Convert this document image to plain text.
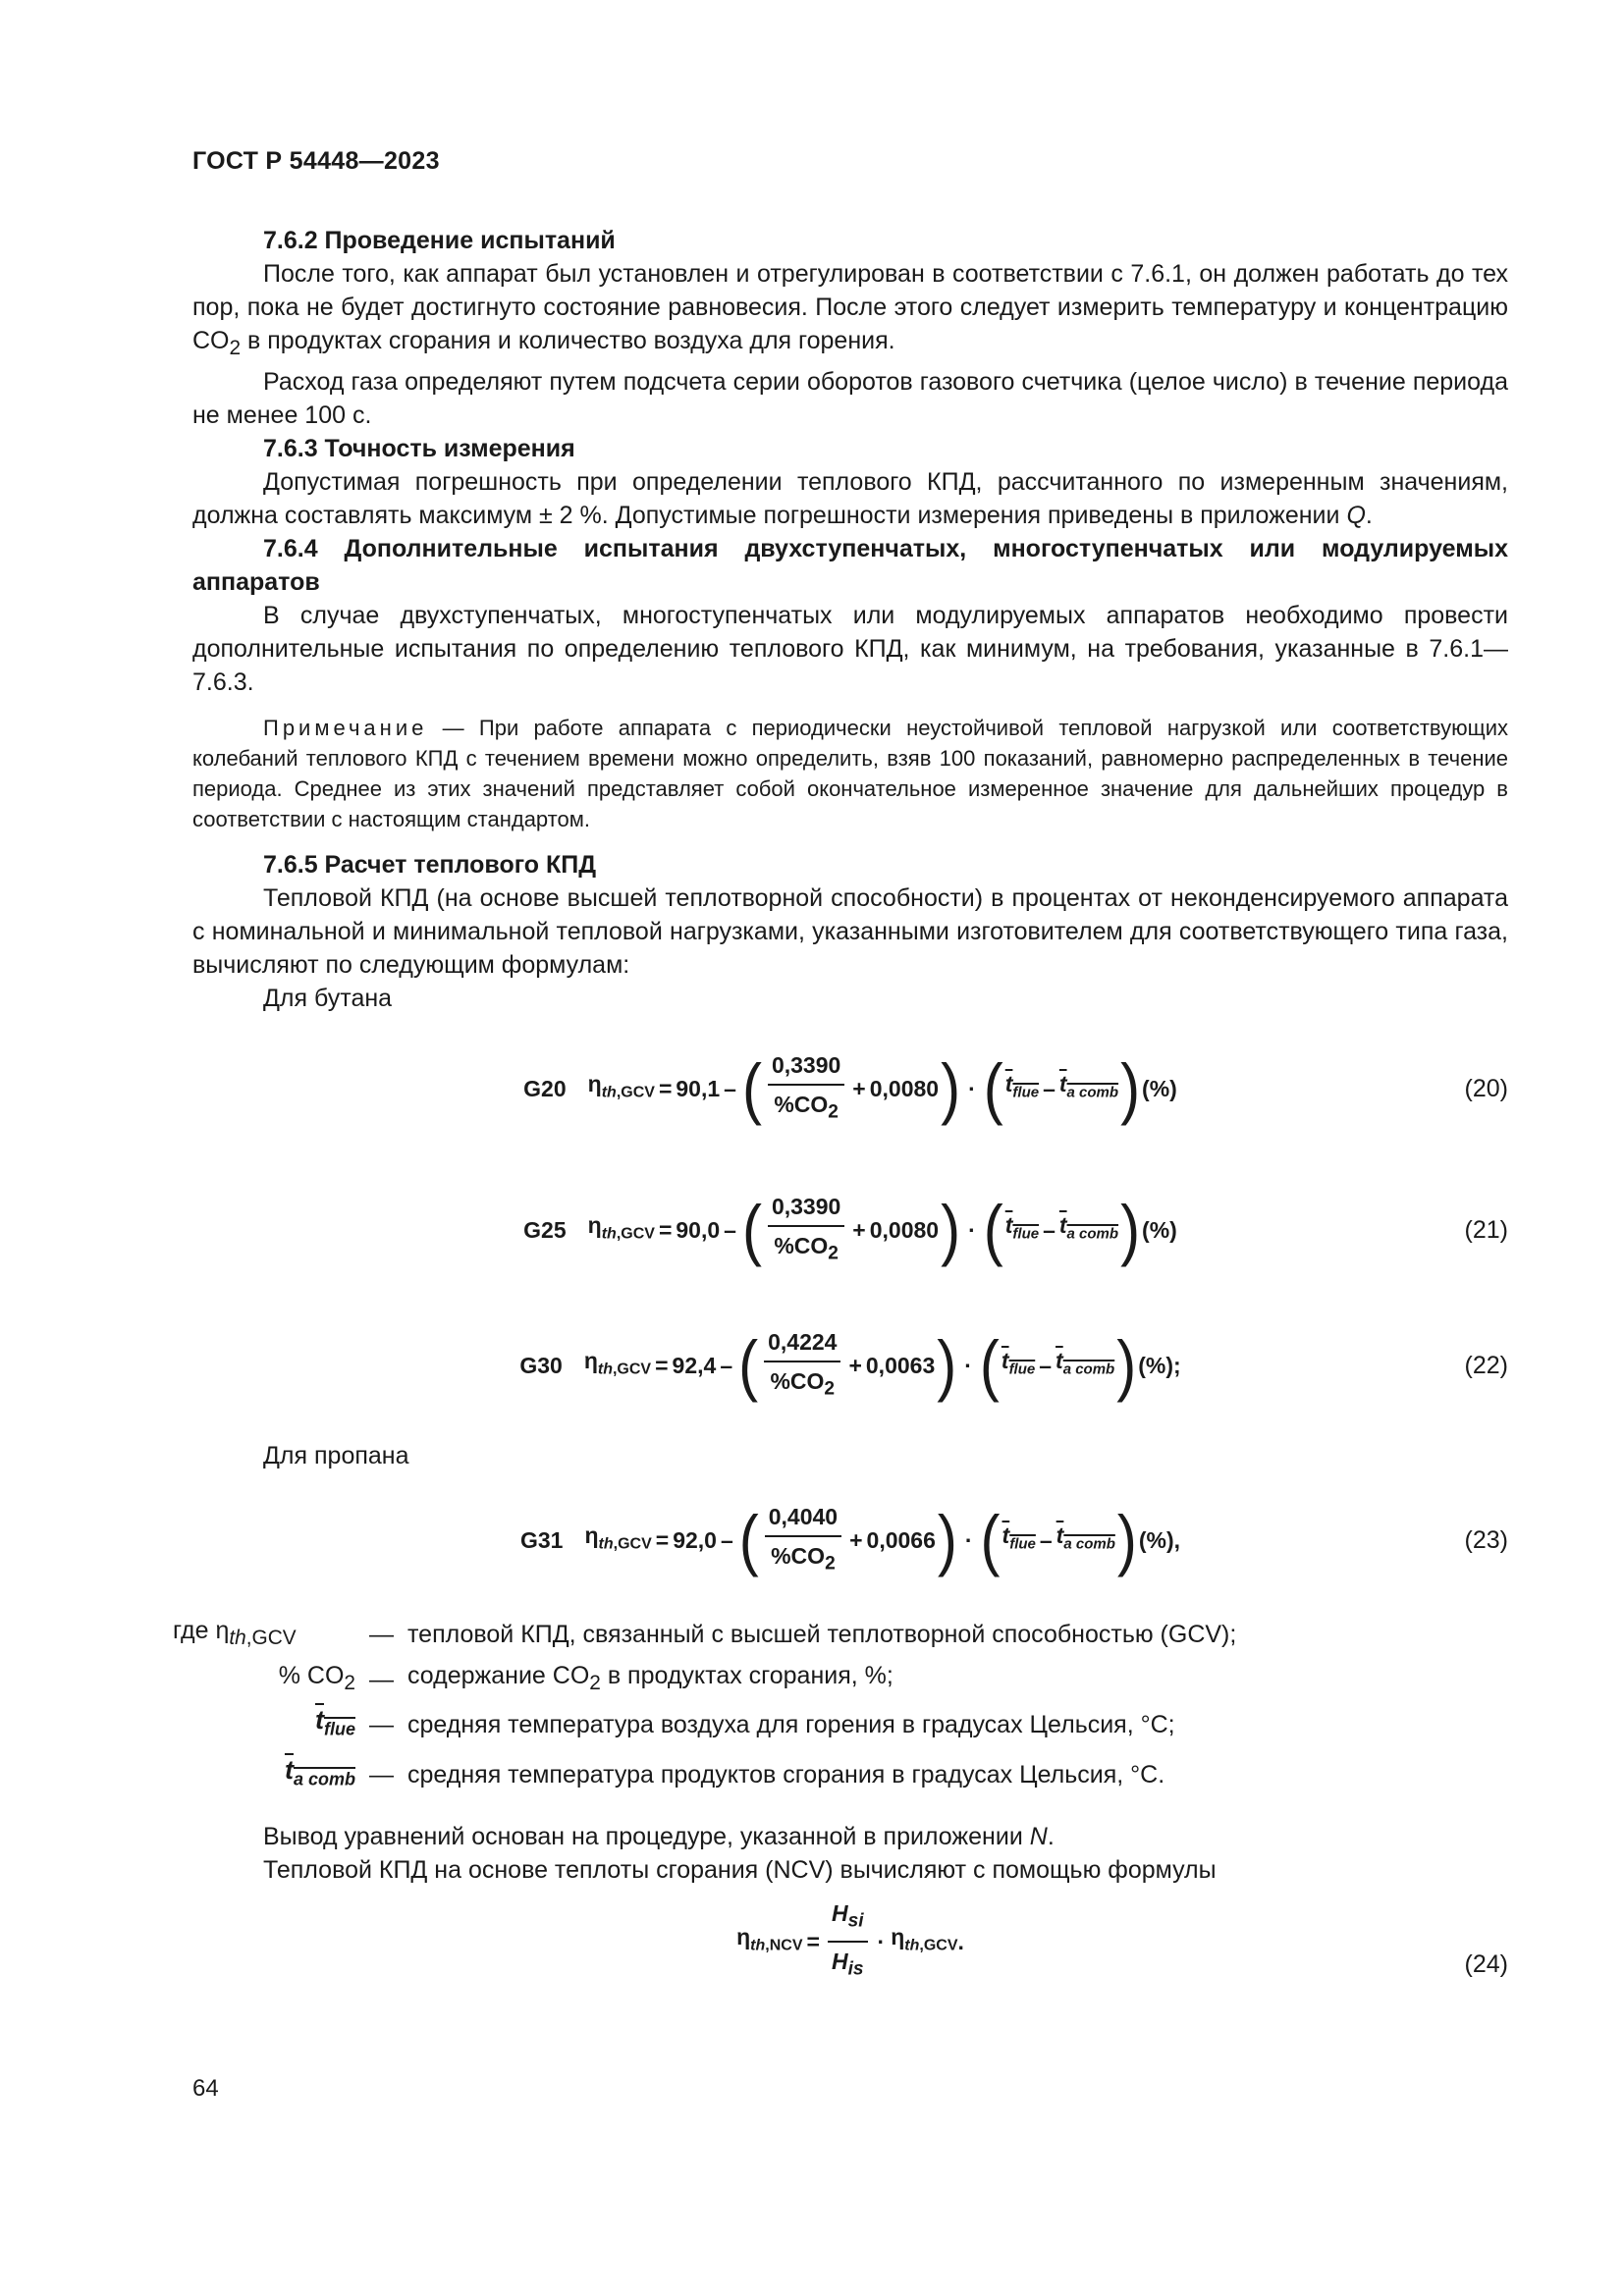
ГОСТ Р 54448—2023

7.6.2 Проведение испытаний

После того, как аппарат был установлен и отрегулирован в соответствии с 7.6.1, он должен работать до тех пор, пока не будет достигнуто состояние равновесия. После этого следует измерить температуру и концентрацию $CO_2$ в продуктах сгорания и количество воздуха для горения.

Расход газа определяют путем подсчета серии оборотов газового счетчика (целое число) в течение периода не менее 100 с.

7.6.3 Точность измерения

Допустимая погрешность при определении теплового КПД, рассчитанного по измеренным значениям, должна составлять максимум ± 2 %. Допустимые погрешности измерения приведены в приложении Q.

7.6.4 Дополнительные испытания двухступенчатых, многоступенчатых или модулируемых аппаратов

В случае двухступенчатых, многоступенчатых или модулируемых аппаратов необходимо провести дополнительные испытания по определению теплового КПД, как минимум, на требования, указанные в 7.6.1—7.6.3.

Примечание — При работе аппарата с периодически неустойчивой тепловой нагрузкой или соответствующих колебаний теплового КПД с течением времени можно определить, взяв 100 показаний, равномерно распределенных в течение периода. Среднее из этих значений представляет собой окончательное измеренное значение для дальнейших процедур в соответствии с настоящим стандартом.

7.6.5 Расчет теплового КПД

Тепловой КПД (на основе высшей теплотворной способности) в процентах от неконденсируемого аппарата с номинальной и минимальной тепловой нагрузками, указанными изготовителем для соответствующего типа газа, вычисляют по следующим формулам:

Для бутана

G20 $\eta_{th,GCV} = 90,1$ – ( $\frac{0,3390}{\%CO_2} + 0,0080$ ) · ( $t_{flue} - t_{a comb}$ ) (%)	(20)
G25 $\eta_{th,GCV} = 90,0$ – ( $\frac{0,3390}{\%CO_2} + 0,0080$ ) · ( $t_{flue} - t_{a comb}$ ) (%)	(21)
G30 $\eta_{th,GCV} = 92,4$ – ( $\frac{0,4224}{\%CO_2} + 0,0063$ ) · ( $t_{flue} - t_{a comb}$ ) (%) ;	(22)

Для пропана

G31 $\eta_{th,GCV} = 92,0$ – ( $\frac{0,4040}{\%CO_2} + 0,0066$ ) · ( $t_{flue} - t_{a comb}$ ) (%) ,	(23)
где $\eta_{th,GCV}$	— тепловой КПД, связанный с высшей теплотворной способностью (GCV);
% $CO_2$ — содержание $CO_2$ в продуктах сгорания, %;
$t_{flue}$ — средняя температура воздуха для горения в градусах Цельсия, °C;
$t_{a comb}$ — средняя температура продуктов сгорания в градусах Цельсия, °C.

Вывод уравнений основан на процедуре, указанной в приложении N.

Тепловой КПД на основе теплоты сгорания (NCV) вычисляют с помощью формулы

$\eta_{th,NCV} = \frac{H_{si}}{H_{is}} \cdot \eta_{th,GCV}$ .
(24)
64
